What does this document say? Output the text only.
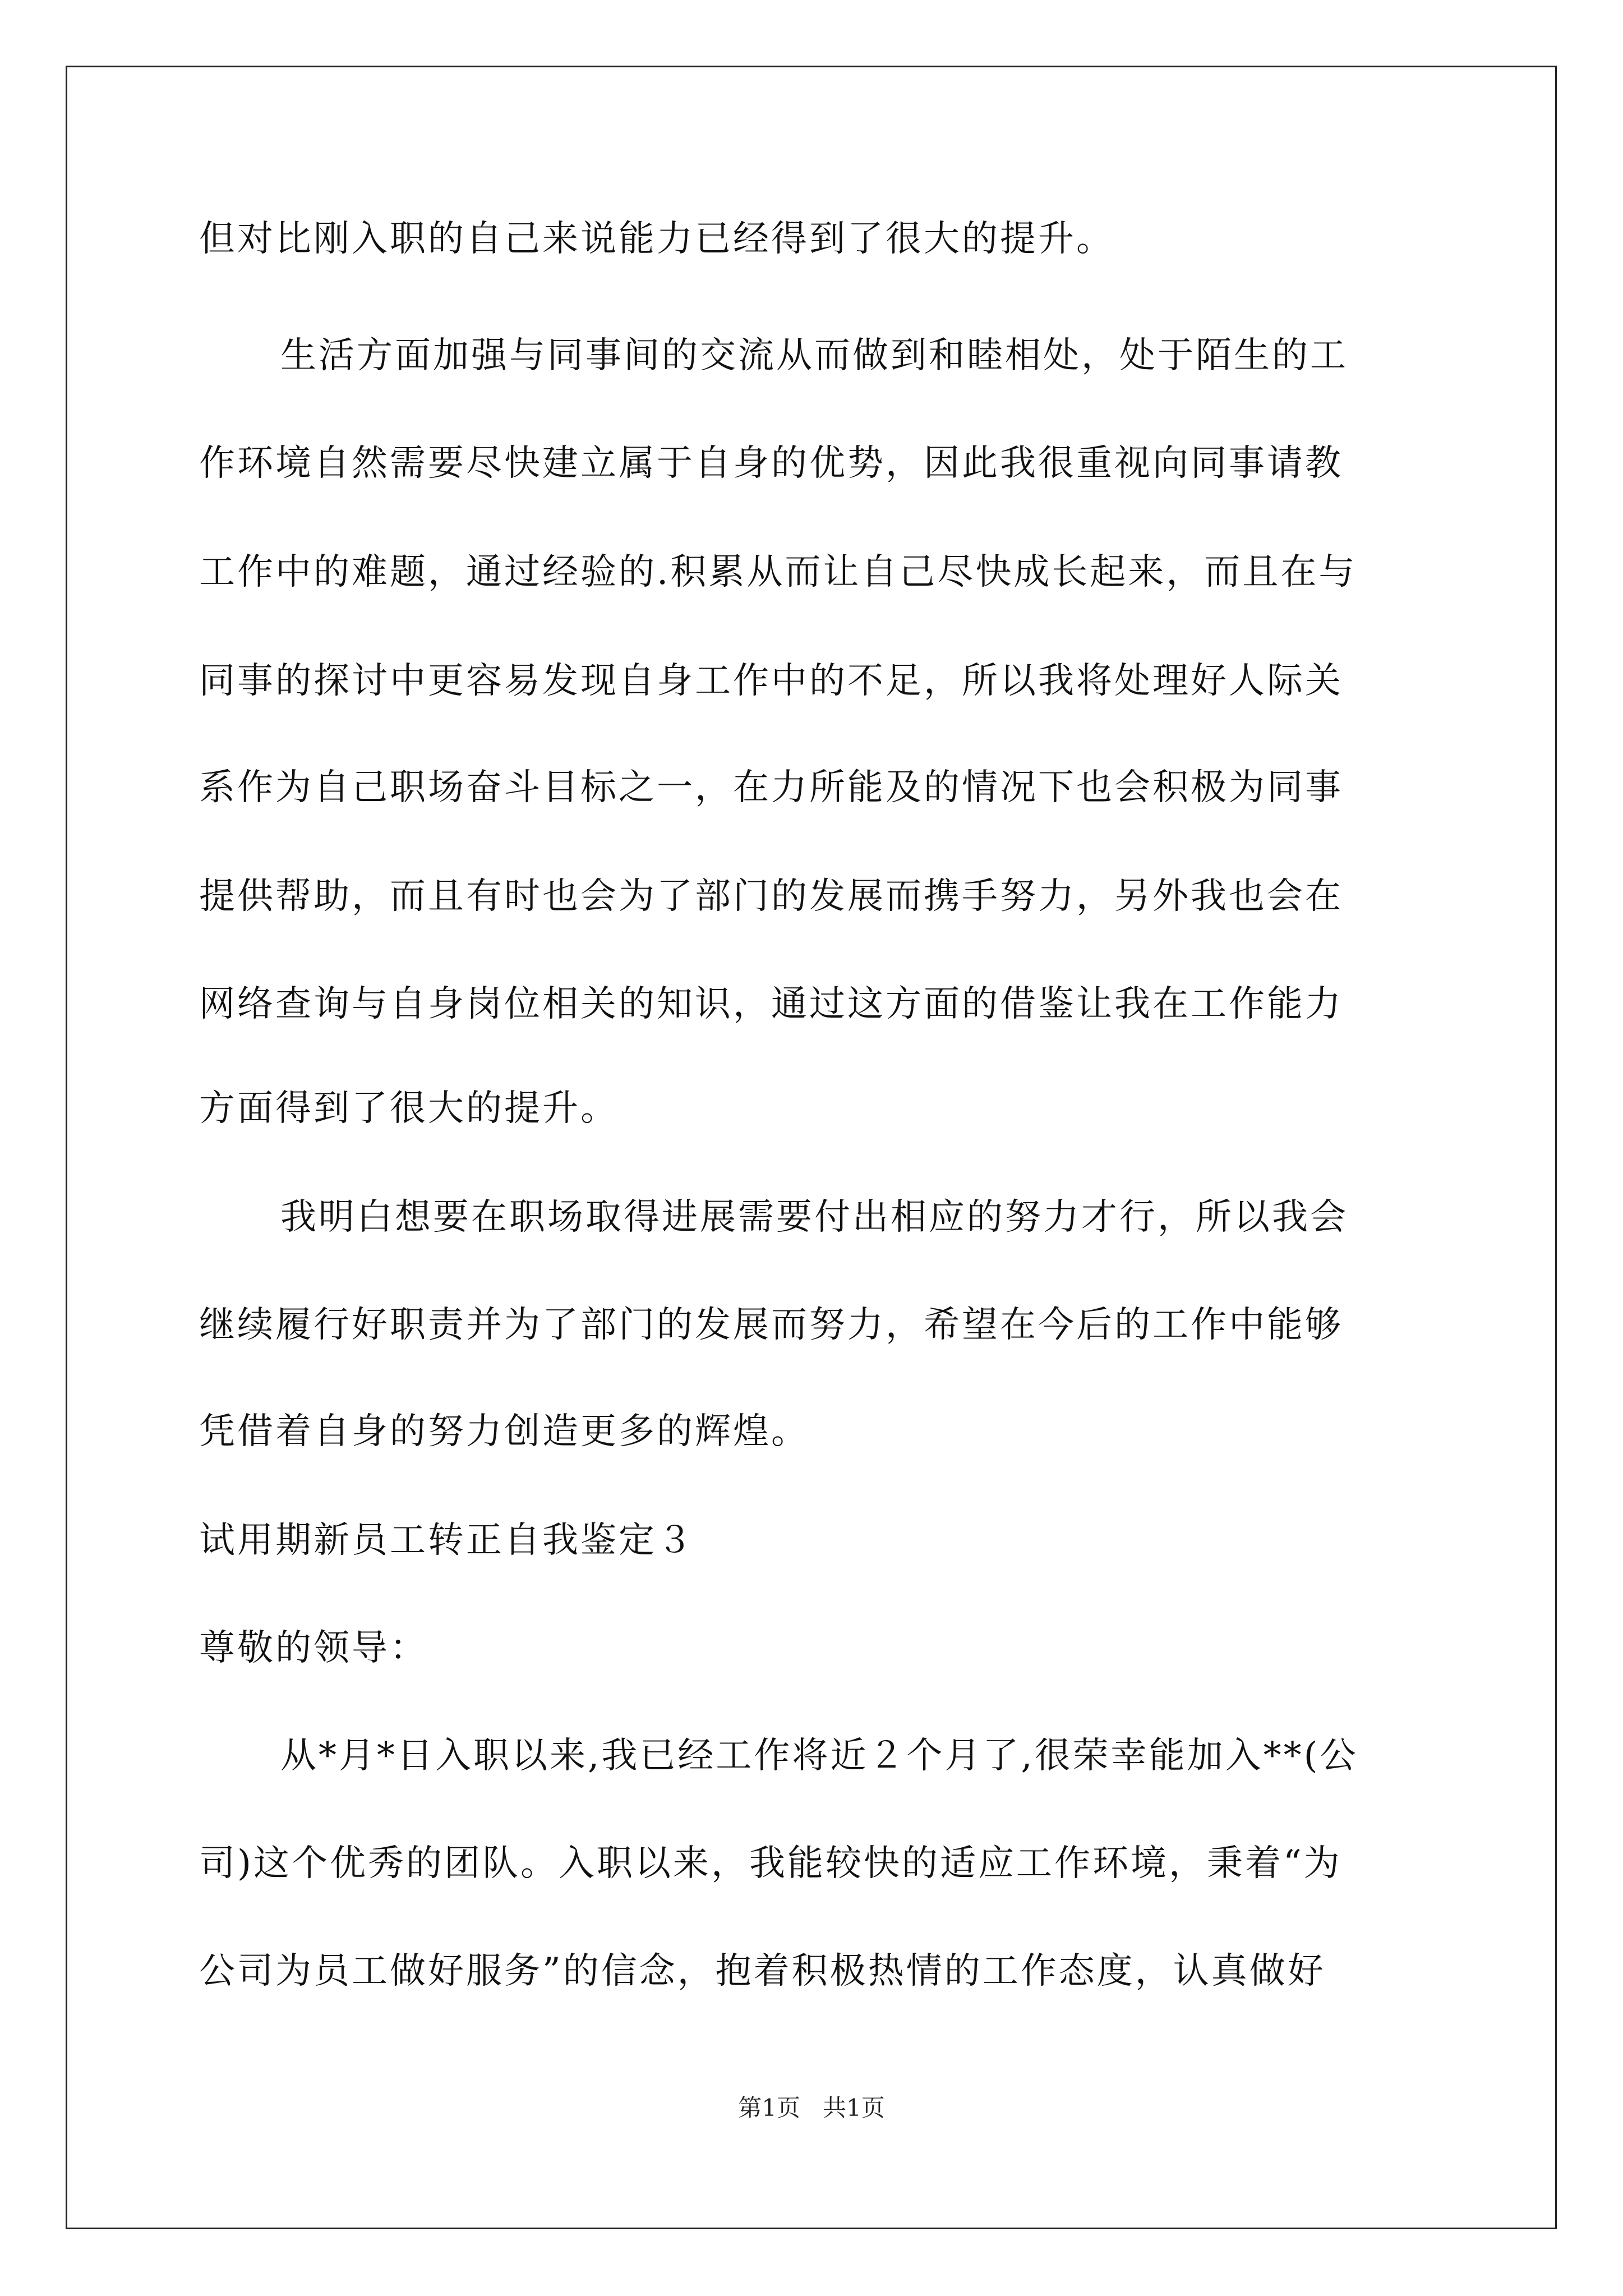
但对比刚入职的自己来说能力已经得到了很大的提升。
生活方面加强与同事间的交流从而做到和睦相处，处于陌生的工
作环境自然需要尽快建立属于自身的优势，因此我很重视向同事请教
工作中的难题，通过经验的.积累从而让自己尽快成长起来，而且在与
同事的探讨中更容易发现自身工作中的不足，所以我将处理好人际关
系作为自己职场奋斗目标之一，在力所能及的情况下也会积极为同事
提供帮助，而且有时也会为了部门的发展而携手努力，另外我也会在
网络查询与自身岗位相关的知识，通过这方面的借鉴让我在工作能力
方面得到了很大的提升。
我明白想要在职场取得进展需要付出相应的努力才行，所以我会
继续履行好职责并为了部门的发展而努力，希望在今后的工作中能够
凭借着自身的努力创造更多的辉煌。
试用期新员工转正自我鉴定３
尊敬的领导：
从*月*日入职以来,我已经工作将近２个月了,很荣幸能加入**(公
司)这个优秀的团队。入职以来，我能较快的适应工作环境，秉着“为
公司为员工做好服务”的信念，抱着积极热情的工作态度，认真做好
第1页   共1页
